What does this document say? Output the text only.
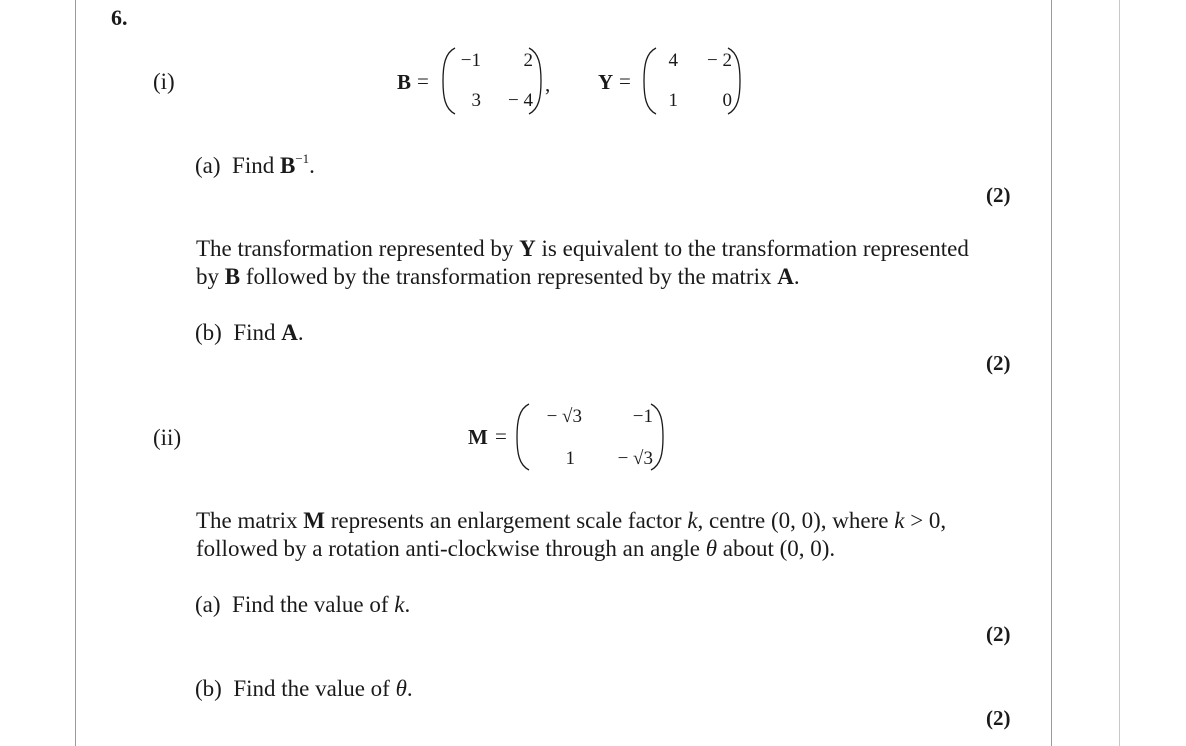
6.
(i)	B =
−1 2
3 − 4
, Y =
4 − 2
1 0
(a) Find $B^{-1}$.
(2)
The transformation represented by Y is equivalent to the transformation represented
by B followed by the transformation represented by the matrix A.
(b) Find A.
(2)
(ii)	M =
− √3	−1
1 − √3
The matrix M represents an enlargement scale factor k, centre (0, 0), where k > 0,
followed by a rotation anti-clockwise through an angle θ about (0, 0).
(a) Find the value of k.
(2)
(b) Find the value of θ.
(2)
